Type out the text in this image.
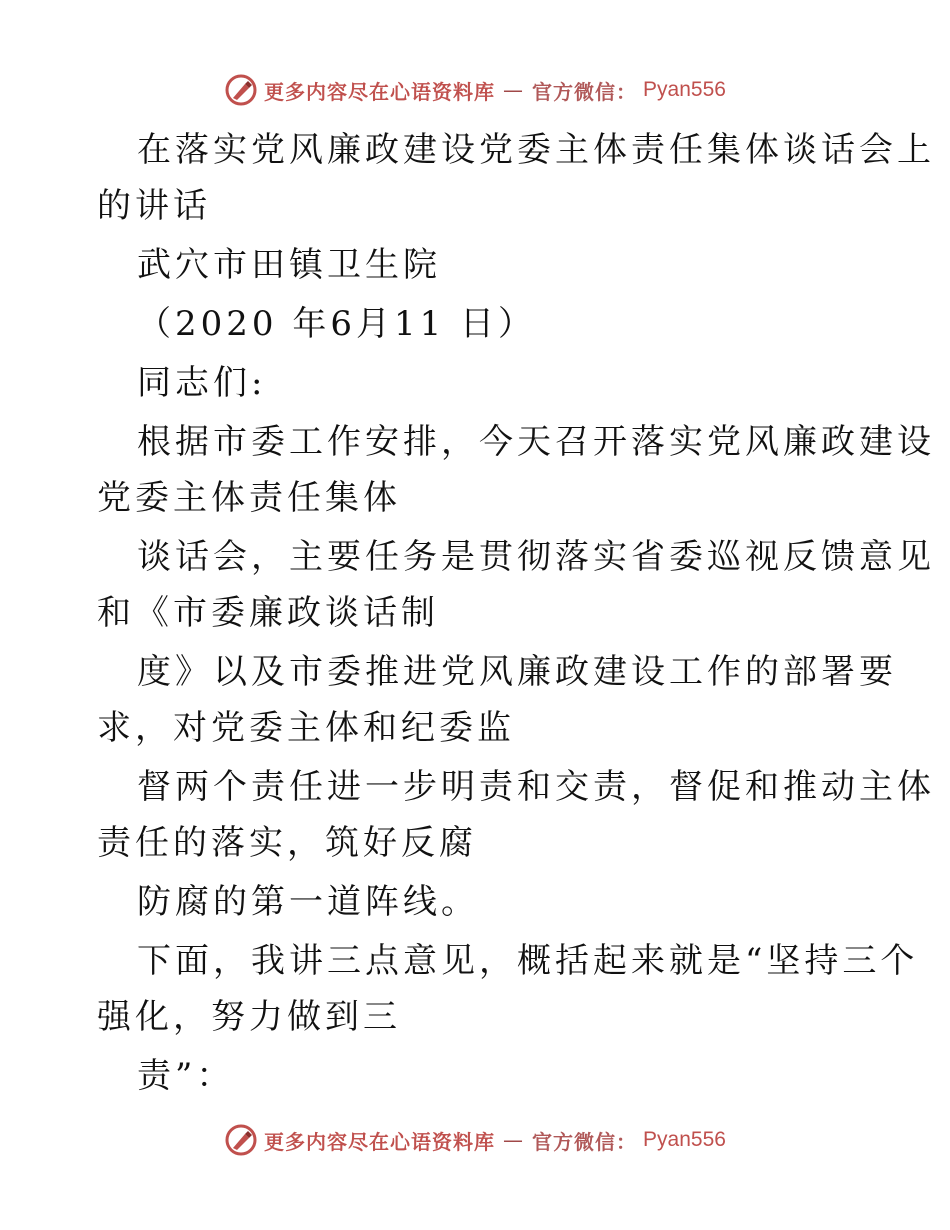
更多内容尽在心语资料库 — 官方微信： Pyan556
在落实党风廉政建设党委主体责任集体谈话会上
的讲话
武穴市田镇卫生院
（2020 年6月11 日）
同志们:
根据市委工作安排，今天召开落实党风廉政建设
党委主体责任集体
谈话会，主要任务是贯彻落实省委巡视反馈意见
和《市委廉政谈话制
度》以及市委推进党风廉政建设工作的部署要
求，对党委主体和纪委监
督两个责任进一步明责和交责，督促和推动主体
责任的落实，筑好反腐
防腐的第一道阵线。
下面，我讲三点意见，概括起来就是“坚持三个
强化，努力做到三
责”：
更多内容尽在心语资料库 — 官方微信： Pyan556
